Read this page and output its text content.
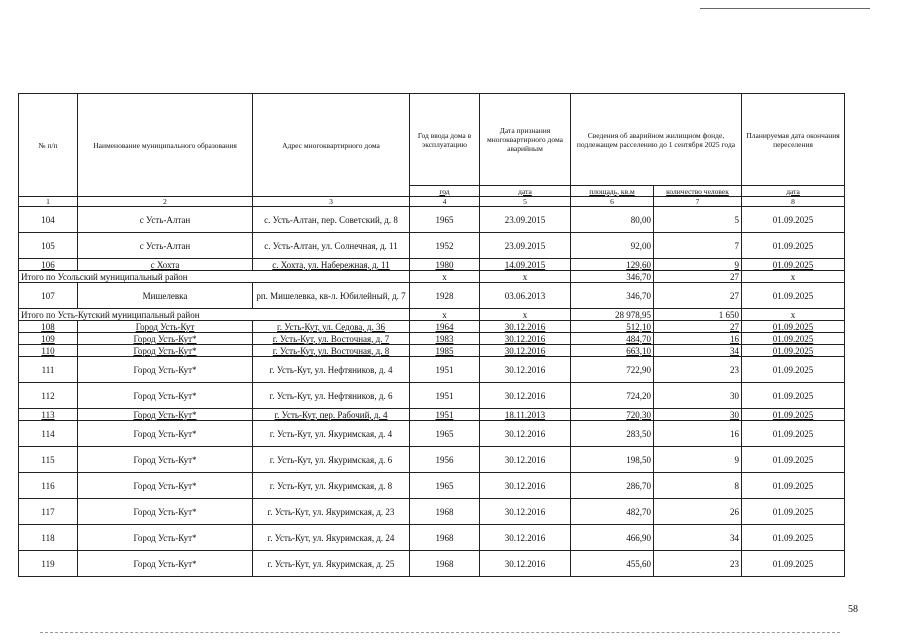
№ п/п	Наименование муниципального образования	Адрес многоквартирного дома	Год ввода дома в эксплуатацию	Дата признания многоквартирного дома аварийным	Сведения об аварийном жилищном фонде, подлежащем расселению до 1 сентября 2025 года		Планируемая дата окончания переселения
			год	дата	площадь, кв.м	количество человек	дата
1	2	3	4	5	6	7	8
104	с Усть-Алтан	с. Усть-Алтан, пер. Советский, д. 8	1965	23.09.2015	80,00	5	01.09.2025
105	с Усть-Алтан	с. Усть-Алтан, ул. Солнечная, д. 11	1952	23.09.2015	92,00	7	01.09.2025
106	с Хохта	с. Хохта, ул. Набережная, д. 11	1980	14.09.2015	129,60	9	01.09.2025
Итого по Усольский муниципальный район			х	х	346,70	27	х
107	Мишелевка	рп. Мишелевка, кв-л. Юбилейный, д. 7	1928	03.06.2013	346,70	27	01.09.2025
Итого по Усть-Кутский муниципальный район			х	х	28 978,95	1 650	х
108	Город Усть-Кут	г. Усть-Кут, ул. Седова, д. 36	1964	30.12.2016	512,10	27	01.09.2025
109	Город Усть-Кут*	г. Усть-Кут, ул. Восточная, д. 7	1983	30.12.2016	484,70	16	01.09.2025
110	Город Усть-Кут*	г. Усть-Кут, ул. Восточная, д. 8	1985	30.12.2016	663,10	34	01.09.2025
111	Город Усть-Кут*	г. Усть-Кут, ул. Нефтяников, д. 4	1951	30.12.2016	722,90	23	01.09.2025
112	Город Усть-Кут*	г. Усть-Кут, ул. Нефтяников, д. 6	1951	30.12.2016	724,20	30	01.09.2025
113	Город Усть-Кут*	г. Усть-Кут, пер. Рабочий, д. 4	1951	18.11.2013	720,30	30	01.09.2025
114	Город Усть-Кут*	г. Усть-Кут, ул. Якуримская, д. 4	1965	30.12.2016	283,50	16	01.09.2025
115	Город Усть-Кут*	г. Усть-Кут, ул. Якуримская, д. 6	1956	30.12.2016	198,50	9	01.09.2025
116	Город Усть-Кут*	г. Усть-Кут, ул. Якуримская, д. 8	1965	30.12.2016	286,70	8	01.09.2025
117	Город Усть-Кут*	г. Усть-Кут, ул. Якуримская, д. 23	1968	30.12.2016	482,70	26	01.09.2025
118	Город Усть-Кут*	г. Усть-Кут, ул. Якуримская, д. 24	1968	30.12.2016	466,90	34	01.09.2025
119	Город Усть-Кут*	г. Усть-Кут, ул. Якуримская, д. 25	1968	30.12.2016	455,60	23	01.09.2025
58
